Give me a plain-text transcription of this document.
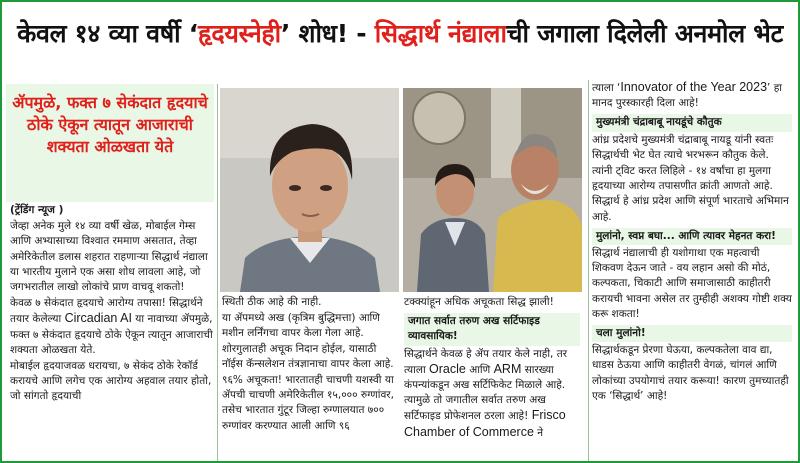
केवल १४ व्या वर्षी ‘हृदयस्नेही’ शोध! - सिद्धार्थ नंद्यालाची जगाला दिलेली अनमोल भेट
ॲपमुळे, फक्त ७ सेकंदात हृदयाचे ठोके ऐकून त्यातून आजाराची शक्यता ओळखता येते

(ट्रेंडिंग न्यूज )

जेव्हा अनेक मुले १४ व्या वर्षी खेळ, मोबाईल गेम्स आणि अभ्यासाच्या विश्वात रममाण असतात, तेव्हा अमेरिकेतील डलास शहरात राहणाऱ्या सिद्धार्थ नंद्याला या भारतीय मुलाने एक असा शोध लावला आहे, जो जगभरातील लाखो लोकांचे प्राण वाचवू शकतो!

केवळ ७ सेकंदात हृदयाचे आरोग्य तपासा! सिद्धार्थने तयार केलेल्या Circadian AI या नावाच्या ॲपमुळे, फक्त ७ सेकंदात हृदयाचे ठोके ऐकून त्यातून आजाराची शक्यता ओळखता येते.

मोबाईल हृदयाजवळ धरायचा, ७ सेकंद ठोके रेकॉर्ड करायचे आणि लगेच एक आरोग्य अहवाल तयार होतो, जो सांगतो हृदयाची

स्थिती ठीक आहे की नाही.

या ॲपमध्ये अख (कृत्रिम बुद्धिमत्ता) आणि मशीन लर्निंगचा वापर केला गेला आहे. शोरगुलातही अचूक निदान होईल, यासाठी नॉईस कॅन्सलेशन तंत्रज्ञानाचा वापर केला आहे.

९६% अचूकता! भारतातही चाचणी यशस्वी या ॲपची चाचणी अमेरिकेतील १५,००० रुग्णांवर, तसेच भारतात गुंटूर जिल्हा रुग्णालयात ७०० रुग्णांवर करण्यात आली आणि ९६

टक्क्यांहून अधिक अचूकता सिद्ध झाली!

जगात सर्वात तरुण अख सर्टिफाइड व्यावसायिक!

सिद्धार्थने केवळ हे ॲप तयार केले नाही, तर त्याला Oracle आणि ARM सारख्या कंपन्यांकडून अख सर्टिफिकेट मिळाले आहे. त्यामुळे तो जगातील सर्वात तरुण अख सर्टिफाइड प्रोफेशनल ठरला आहे! Frisco Chamber of Commerce ने

त्याला ‘Innovator of the Year 2023’ हा मानद पुरस्कारही दिला आहे!

मुख्यमंत्री चंद्राबाबू नायडूंचे कौतुक

आंध्र प्रदेशचे मुख्यमंत्री चंद्राबाबू नायडू यांनी स्वतः सिद्धार्थची भेट घेत त्याचे भरभरून कौतुक केले.

त्यांनी ट्विट करत लिहिले - १४ वर्षांचा हा मुलगा हृदयाच्या आरोग्य तपासणीत क्रांती आणतो आहे. सिद्धार्थ हे आंध्र प्रदेश आणि संपूर्ण भारताचे अभिमान आहे.

मुलांनो, स्वप्न बघा... आणि त्यावर मेहनत करा!

सिद्धार्थ नंद्यालाची ही यशोगाथा एक महत्वाची शिकवण देऊन जाते - वय लहान असो की मोठं, कल्पकता, चिकाटी आणि समाजासाठी काहीतरी करायची भावना असेल तर तुम्हीही अशक्य गोष्टी शक्य करू शकता!

चला मुलांनो!

सिद्धार्थकडून प्रेरणा घेऊया, कल्पकतेला वाव द्या, धाडस ठेऊया आणि काहीतरी वेगळं, चांगलं आणि लोकांच्या उपयोगाचं तयार करूया! कारण तुमच्यातही एक ‘सिद्धार्थ’ आहे!
